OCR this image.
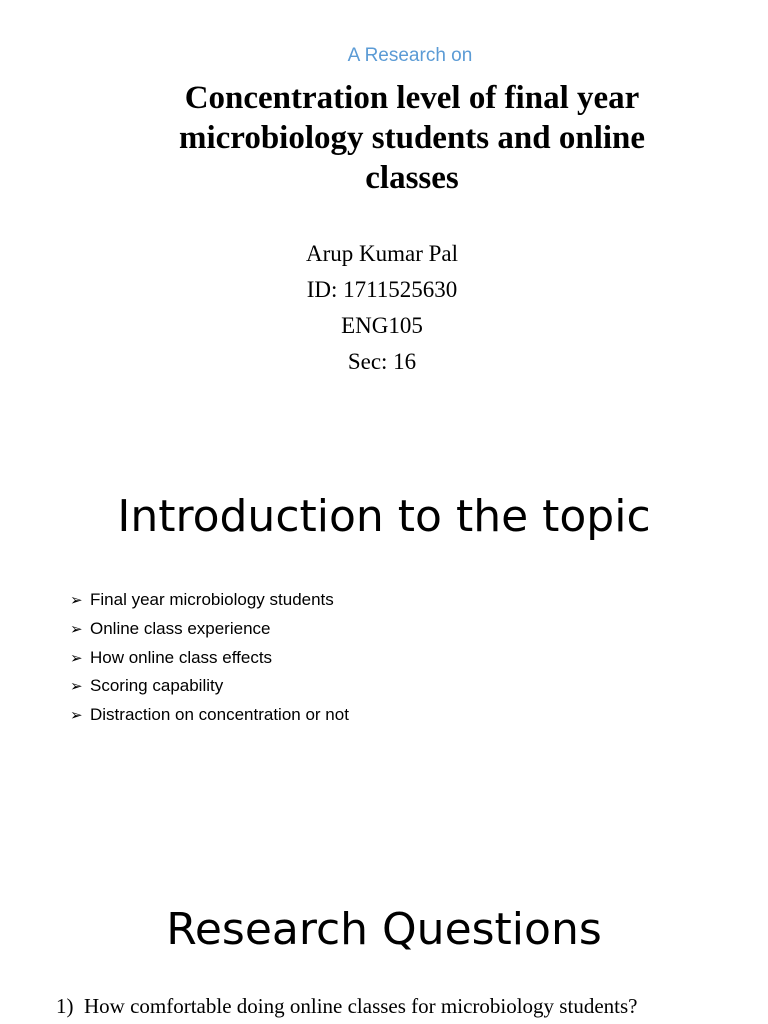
A Research on
Concentration level of final year microbiology students and online classes
Arup Kumar Pal
ID: 1711525630
ENG105
Sec: 16
Introduction to the topic
➢ Final year microbiology students
➢ Online class experience
➢ How online class effects
➢ Scoring capability
➢ Distraction on concentration or not
Research Questions
1) How comfortable doing online classes for microbiology students?
